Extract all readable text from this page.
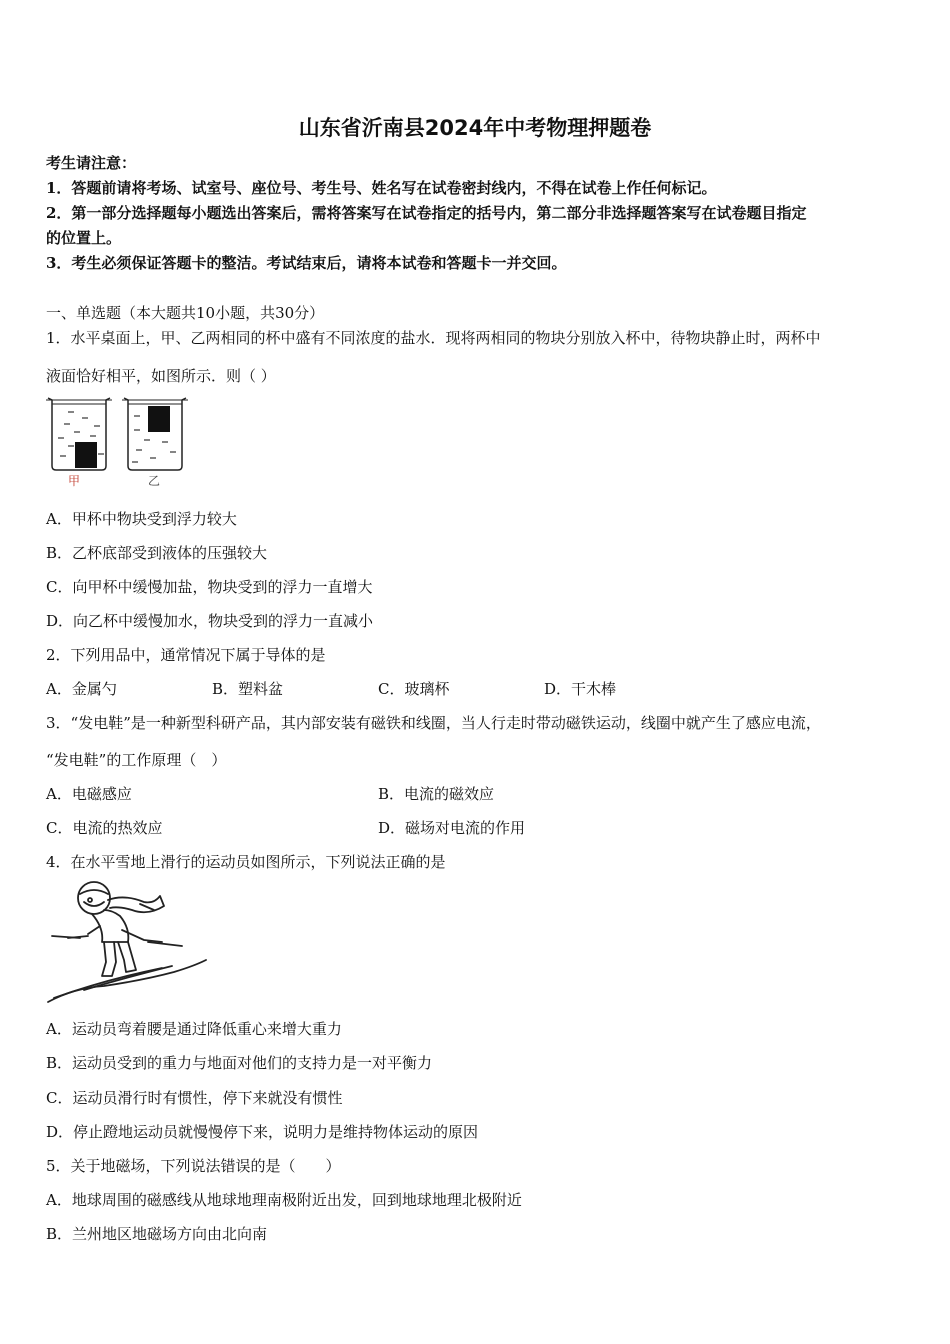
山东省沂南县2024年中考物理押题卷
考生请注意：
1．答题前请将考场、试室号、座位号、考生号、姓名写在试卷密封线内，不得在试卷上作任何标记。
2．第一部分选择题每小题选出答案后，需将答案写在试卷指定的括号内，第二部分非选择题答案写在试卷题目指定
的位置上。
3．考生必须保证答题卡的整洁。考试结束后，请将本试卷和答题卡一并交回。
一、单选题（本大题共10小题，共30分）
1．水平桌面上，甲、乙两相同的杯中盛有不同浓度的盐水．现将两相同的物块分别放入杯中，待物块静止时，两杯中
液面恰好相平，如图所示．则（ ）
甲	乙
A．甲杯中物块受到浮力较大
B．乙杯底部受到液体的压强较大
C．向甲杯中缓慢加盐，物块受到的浮力一直增大
D．向乙杯中缓慢加水，物块受到的浮力一直减小
2．下列用品中，通常情况下属于导体的是
A．金属勺	B．塑料盆	C．玻璃杯	D．干木棒
3．“发电鞋”是一种新型科研产品，其内部安装有磁铁和线圈，当人行走时带动磁铁运动，线圈中就产生了感应电流，
“发电鞋”的工作原理（　）
A．电磁感应	B．电流的磁效应
C．电流的热效应	D．磁场对电流的作用
4．在水平雪地上滑行的运动员如图所示，下列说法正确的是
A．运动员弯着腰是通过降低重心来增大重力
B．运动员受到的重力与地面对他们的支持力是一对平衡力
C．运动员滑行时有惯性，停下来就没有惯性
D．停止蹬地运动员就慢慢停下来，说明力是维持物体运动的原因
5．关于地磁场，下列说法错误的是（　　）
A．地球周围的磁感线从地球地理南极附近出发，回到地球地理北极附近
B．兰州地区地磁场方向由北向南
